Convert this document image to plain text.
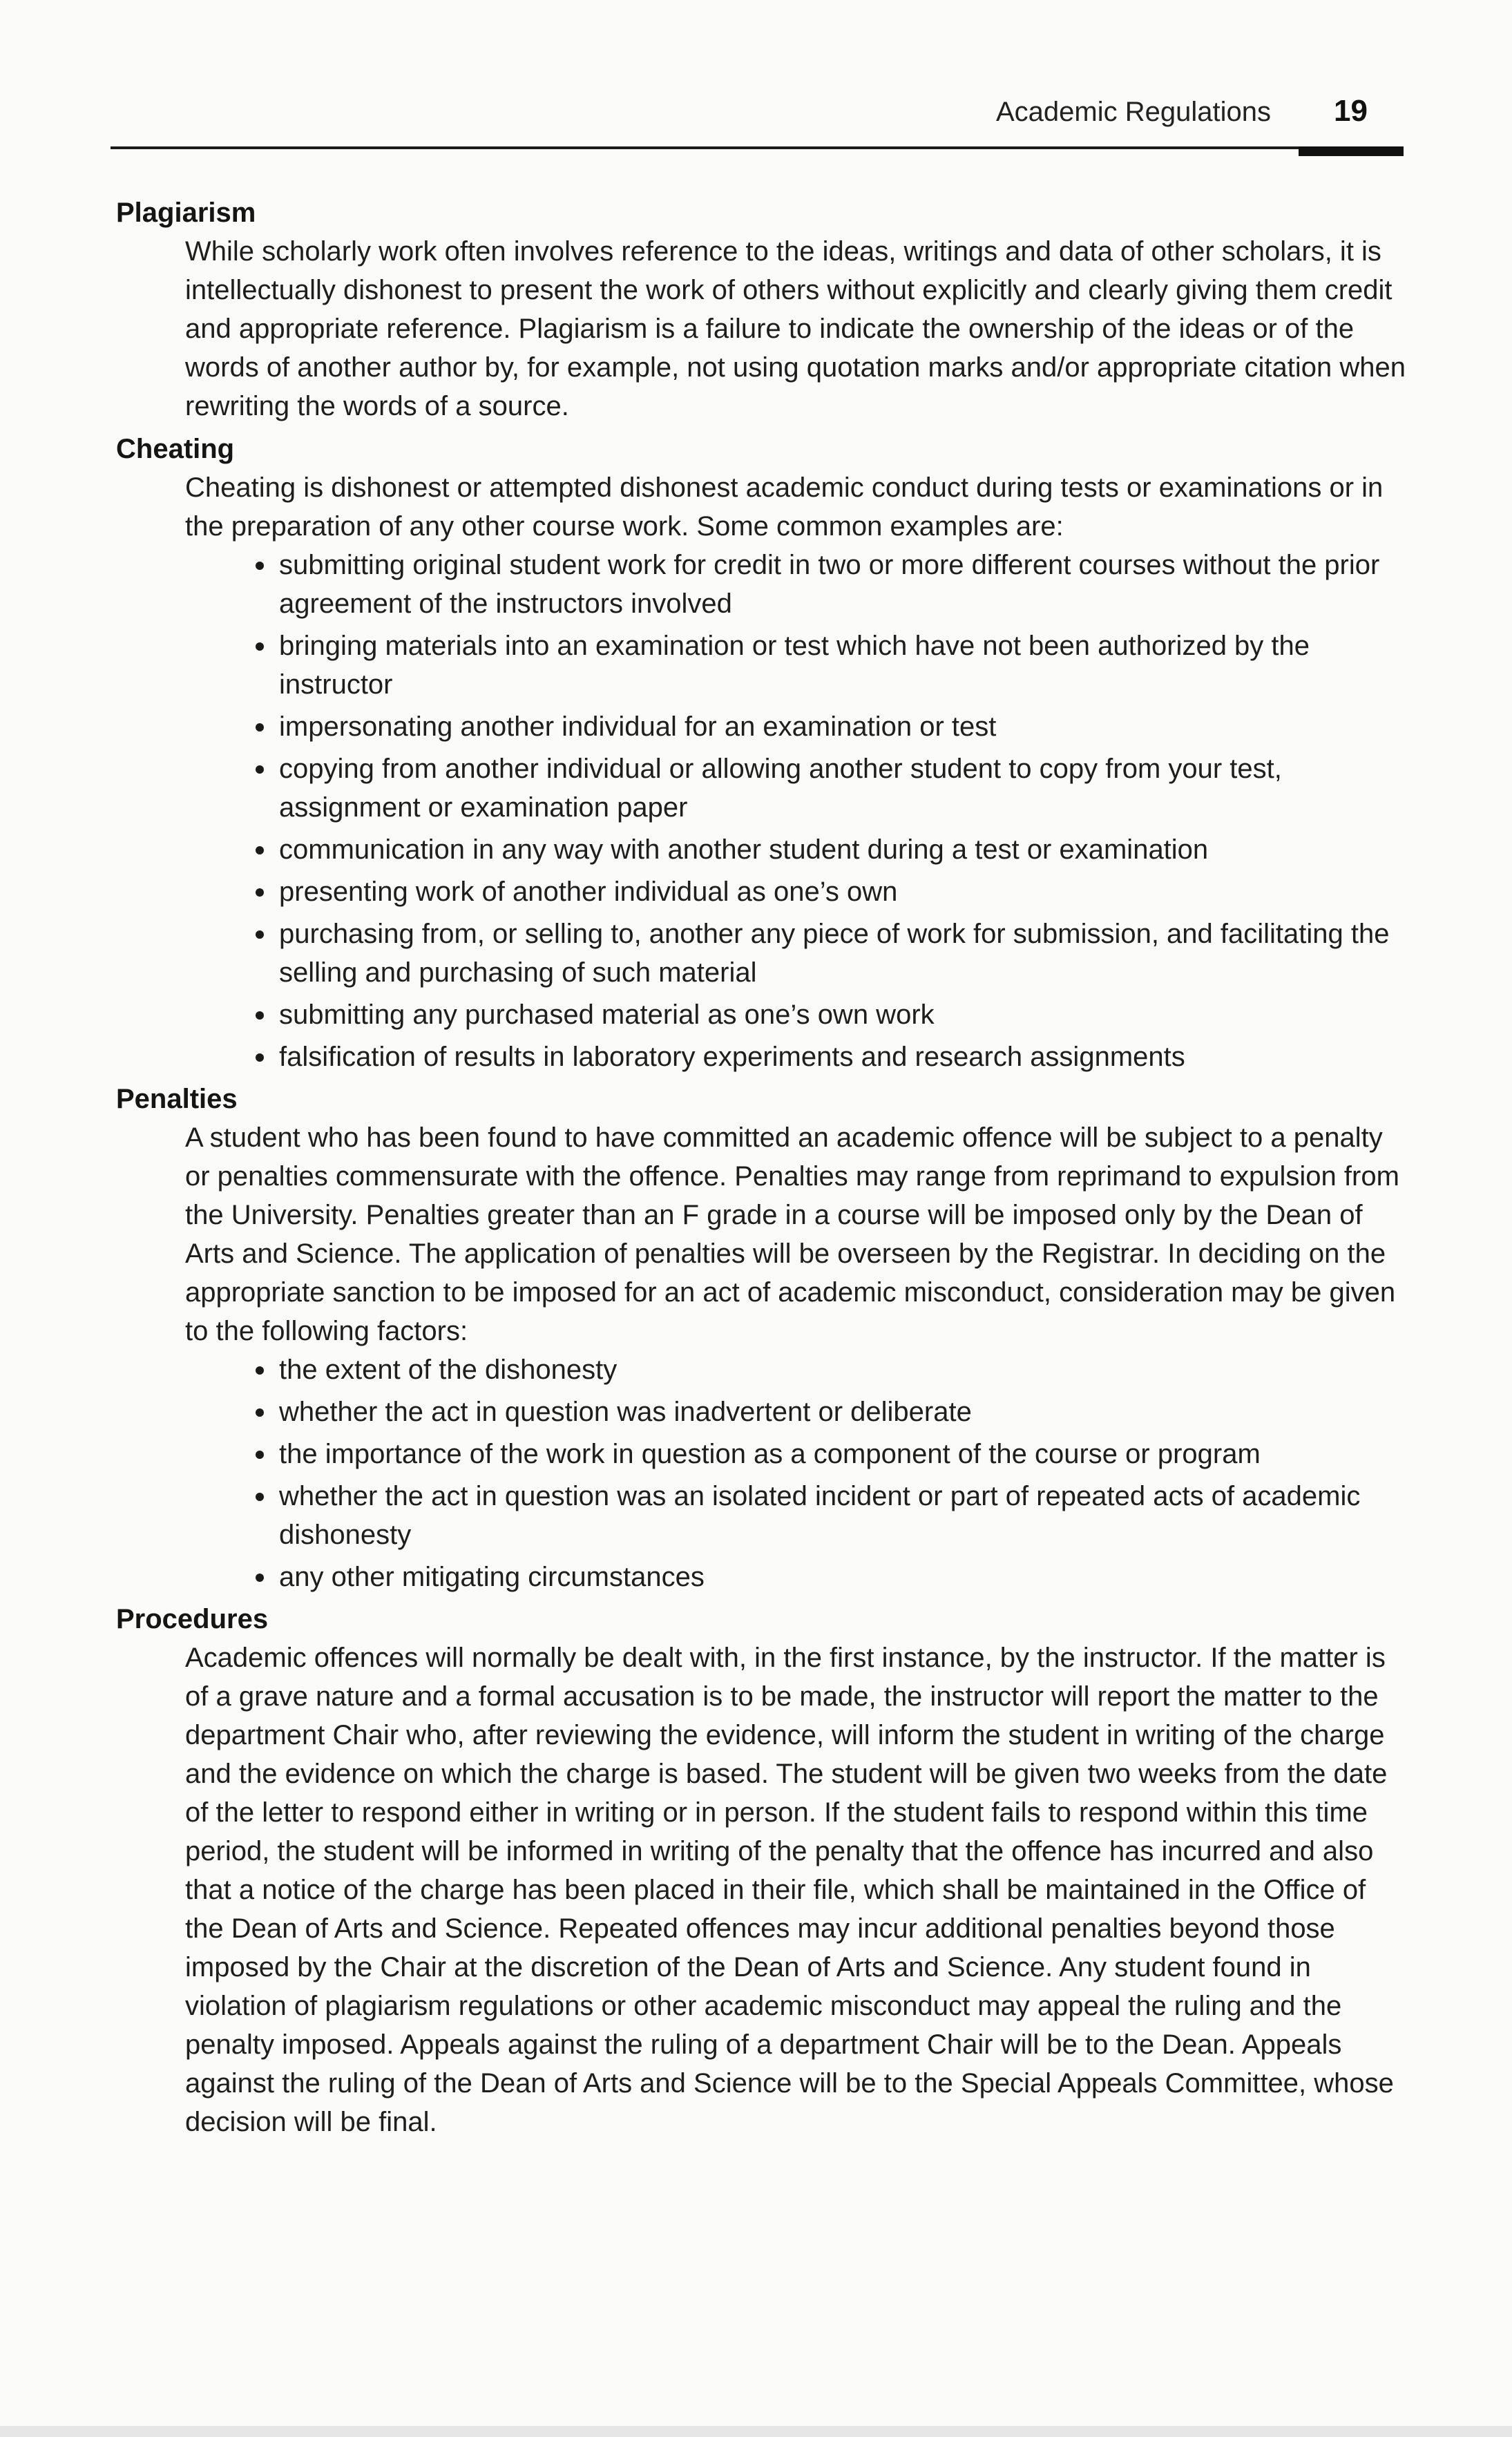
Academic Regulations 19
Plagiarism

While scholarly work often involves reference to the ideas, writings and data of other scholars, it is intellectually dishonest to present the work of others without explicitly and clearly giving them credit and appropriate reference. Plagiarism is a failure to indicate the ownership of the ideas or of the words of another author by, for example, not using quotation marks and/or appropriate citation when rewriting the words of a source.

Cheating

Cheating is dishonest or attempted dishonest academic conduct during tests or examinations or in the preparation of any other course work. Some common examples are:

submitting original student work for credit in two or more different courses without the prior agreement of the instructors involved
bringing materials into an examination or test which have not been authorized by the instructor
impersonating another individual for an examination or test
copying from another individual or allowing another student to copy from your test, assignment or examination paper
communication in any way with another student during a test or examination
presenting work of another individual as one’s own
purchasing from, or selling to, another any piece of work for submission, and facilitating the selling and purchasing of such material
submitting any purchased material as one’s own work
falsification of results in laboratory experiments and research assignments
Penalties

A student who has been found to have committed an academic offence will be subject to a penalty or penalties commensurate with the offence. Penalties may range from reprimand to expulsion from the University. Penalties greater than an F grade in a course will be imposed only by the Dean of Arts and Science. The application of penalties will be overseen by the Registrar. In deciding on the appropriate sanction to be imposed for an act of academic misconduct, consideration may be given to the following factors:

the extent of the dishonesty
whether the act in question was inadvertent or deliberate
the importance of the work in question as a component of the course or program
whether the act in question was an isolated incident or part of repeated acts of academic dishonesty
any other mitigating circumstances
Procedures

Academic offences will normally be dealt with, in the first instance, by the instructor. If the matter is of a grave nature and a formal accusation is to be made, the instructor will report the matter to the department Chair who, after reviewing the evidence, will inform the student in writing of the charge and the evidence on which the charge is based. The student will be given two weeks from the date of the letter to respond either in writing or in person. If the student fails to respond within this time period, the student will be informed in writing of the penalty that the offence has incurred and also that a notice of the charge has been placed in their file, which shall be maintained in the Office of the Dean of Arts and Science. Repeated offences may incur additional penalties beyond those imposed by the Chair at the discretion of the Dean of Arts and Science. Any student found in violation of plagiarism regulations or other academic misconduct may appeal the ruling and the penalty imposed. Appeals against the ruling of a department Chair will be to the Dean. Appeals against the ruling of the Dean of Arts and Science will be to the Special Appeals Committee, whose decision will be final.
